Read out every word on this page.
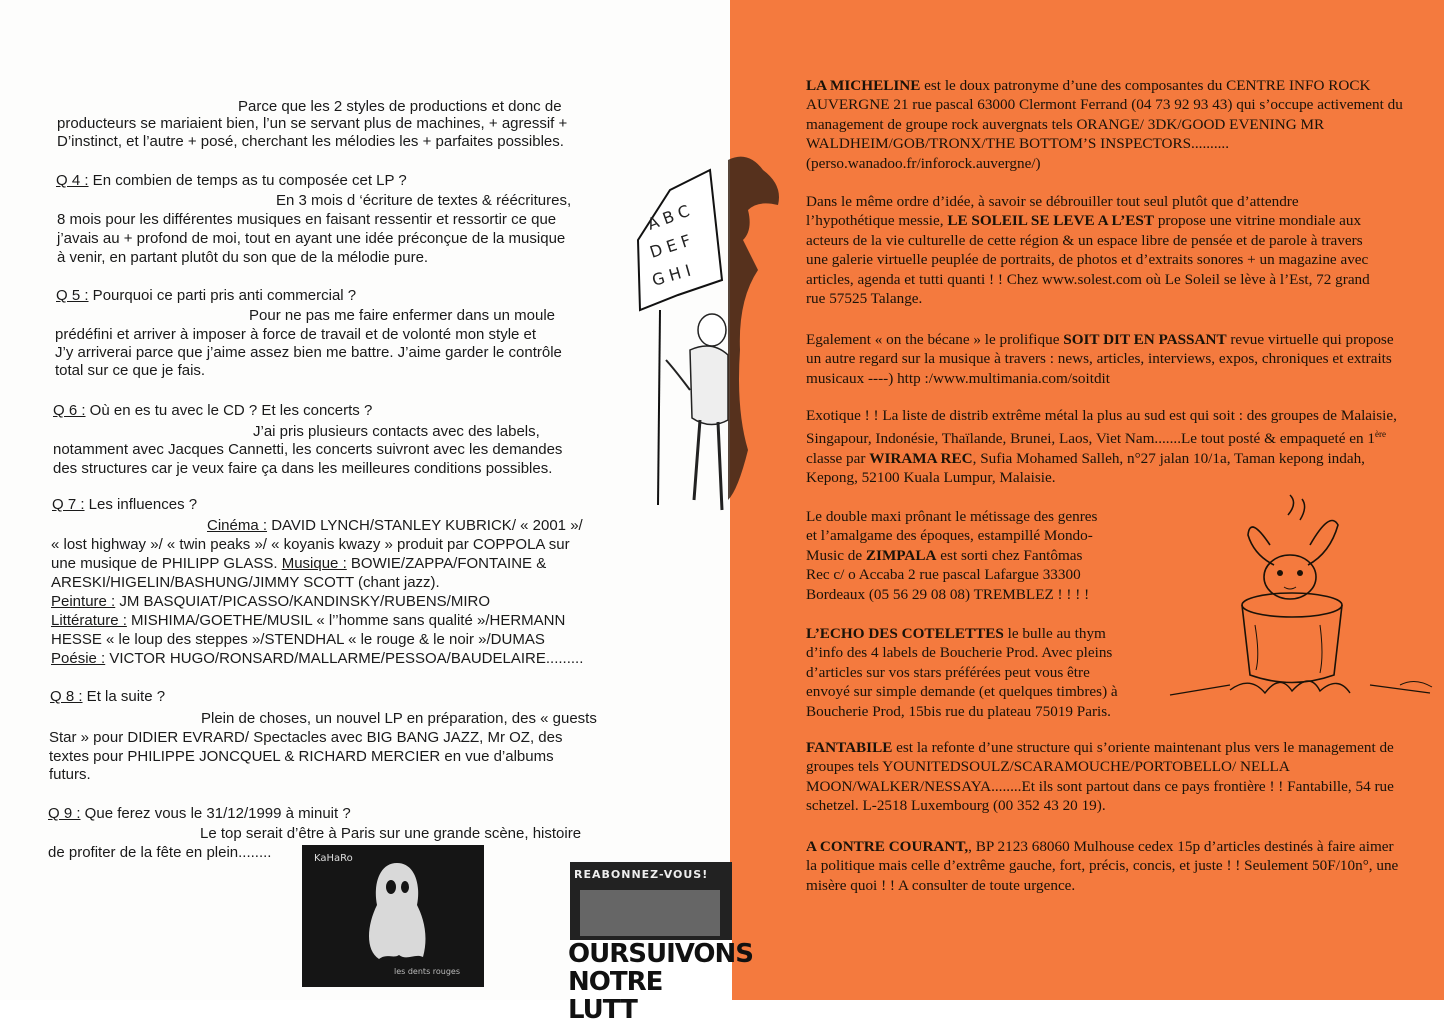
Parce que les 2 styles de productions et donc de
producteurs se mariaient bien, l’un se servant plus de machines, + agressif +
D’instinct, et l’autre + posé, cherchant les mélodies les + parfaites possibles.
Q 4 : En combien de temps as tu composée cet LP ?
En 3 mois d ‘écriture de textes & réécritures,
8 mois pour les différentes musiques en faisant ressentir et ressortir ce que
j’avais au + profond de moi, tout en ayant une idée préconçue de la musique
à venir, en partant plutôt du son que de la mélodie pure.
Q 5 : Pourquoi ce parti pris anti commercial ?
Pour ne pas me faire enfermer dans un moule
prédéfini et arriver à imposer à force de travail et de volonté mon style et
J’y arriverai parce que j’aime assez bien me battre. J’aime garder le contrôle
total sur ce que je fais.
Q 6 : Où en es tu avec le CD ? Et les concerts ?
J’ai pris plusieurs contacts avec des labels,
notamment avec Jacques Cannetti, les concerts suivront avec les demandes
des structures car je veux faire ça dans les meilleures conditions possibles.
Q 7 : Les influences ?
Cinéma : DAVID LYNCH/STANLEY KUBRICK/ « 2001 »/
« lost highway »/ « twin peaks »/ « koyanis kwazy » produit par COPPOLA sur
une musique de PHILIPP GLASS. Musique : BOWIE/ZAPPA/FONTAINE &
ARESKI/HIGELIN/BASHUNG/JIMMY SCOTT (chant jazz).
Peinture : JM BASQUIAT/PICASSO/KANDINSKY/RUBENS/MIRO
Littérature : MISHIMA/GOETHE/MUSIL « l’’homme sans qualité »/HERMANN
HESSE « le loup des steppes »/STENDHAL « le rouge & le noir »/DUMAS
Poésie : VICTOR HUGO/RONSARD/MALLARME/PESSOA/BAUDELAIRE.........
Q 8 : Et la suite ?
Plein de choses, un nouvel LP en préparation, des « guests
Star » pour DIDIER EVRARD/ Spectacles avec BIG BANG JAZZ, Mr OZ, des
textes pour PHILIPPE JONCQUEL & RICHARD MERCIER en vue d’albums
futurs.
Q 9 : Que ferez vous le 31/12/1999 à minuit ?
Le top serait d’être à Paris sur une grande scène, histoire
de profiter de la fête en plein........
A B C
D E F
G H I
KaHaRo
les dents rouges
REABONNEZ-VOUS!
OURSUIVONS
NOTRE LUTT
LA MICHELINE est le doux patronyme d’une des composantes du CENTRE INFO ROCK AUVERGNE 21 rue pascal 63000 Clermont Ferrand (04 73 92 93 43) qui s’occupe activement du management de groupe rock auvergnats tels ORANGE/ 3DK/GOOD EVENING MR WALDHEIM/GOB/TRONX/THE BOTTOM’S INSPECTORS..........(perso.wanadoo.fr/inforock.auvergne/)
Dans le même ordre d’idée, à savoir se débrouiller tout seul plutôt que d’attendre l’hypothétique messie, LE SOLEIL SE LEVE A L’EST propose une vitrine mondiale aux acteurs de la vie culturelle de cette région & un espace libre de pensée et de parole à travers une galerie virtuelle peuplée de portraits, de photos et d’extraits sonores + un magazine avec articles, agenda et tutti quanti ! ! Chez www.solest.com où Le Soleil se lève à l’Est, 72 grand rue 57525 Talange.
Egalement « on the bécane » le prolifique SOIT DIT EN PASSANT revue virtuelle qui propose un autre regard sur la musique à travers : news, articles, interviews, expos, chroniques et extraits musicaux ----) http :/www.multimania.com/soitdit
Exotique ! ! La liste de distrib extrême métal la plus au sud est qui soit : des groupes de Malaisie, Singapour, Indonésie, Thaïlande, Brunei, Laos, Viet Nam.......Le tout posté & empaqueté en 1ère classe par WIRAMA REC, Sufia Mohamed Salleh, n°27 jalan 10/1a, Taman kepong indah, Kepong, 52100 Kuala Lumpur, Malaisie.
Le double maxi prônant le métissage des genres
et l’amalgame des époques, estampillé Mondo-
Music de ZIMPALA est sorti chez Fantômas
Rec c/ o Accaba 2 rue pascal Lafargue 33300
Bordeaux (05 56 29 08 08) TREMBLEZ ! ! ! !
L’ECHO DES COTELETTES le bulle au thym
d’info des 4 labels de Boucherie Prod. Avec pleins
d’articles sur vos stars préférées peut vous être
envoyé sur simple demande (et quelques timbres) à
Boucherie Prod, 15bis rue du plateau 75019 Paris.
FANTABILE est la refonte d’une structure qui s’oriente maintenant plus vers le management de groupes tels YOUNITEDSOULZ/SCARAMOUCHE/PORTOBELLO/ NELLA MOON/WALKER/NESSAYA........Et ils sont partout dans ce pays frontière ! ! Fantabille, 54 rue schetzel. L-2518 Luxembourg (00 352 43 20 19).
A CONTRE COURANT,, BP 2123 68060 Mulhouse cedex 15p d’articles destinés à faire aimer la politique mais celle d’extrême gauche, fort, précis, concis, et juste ! ! Seulement 50F/10n°, une misère quoi ! ! A consulter de toute urgence.
